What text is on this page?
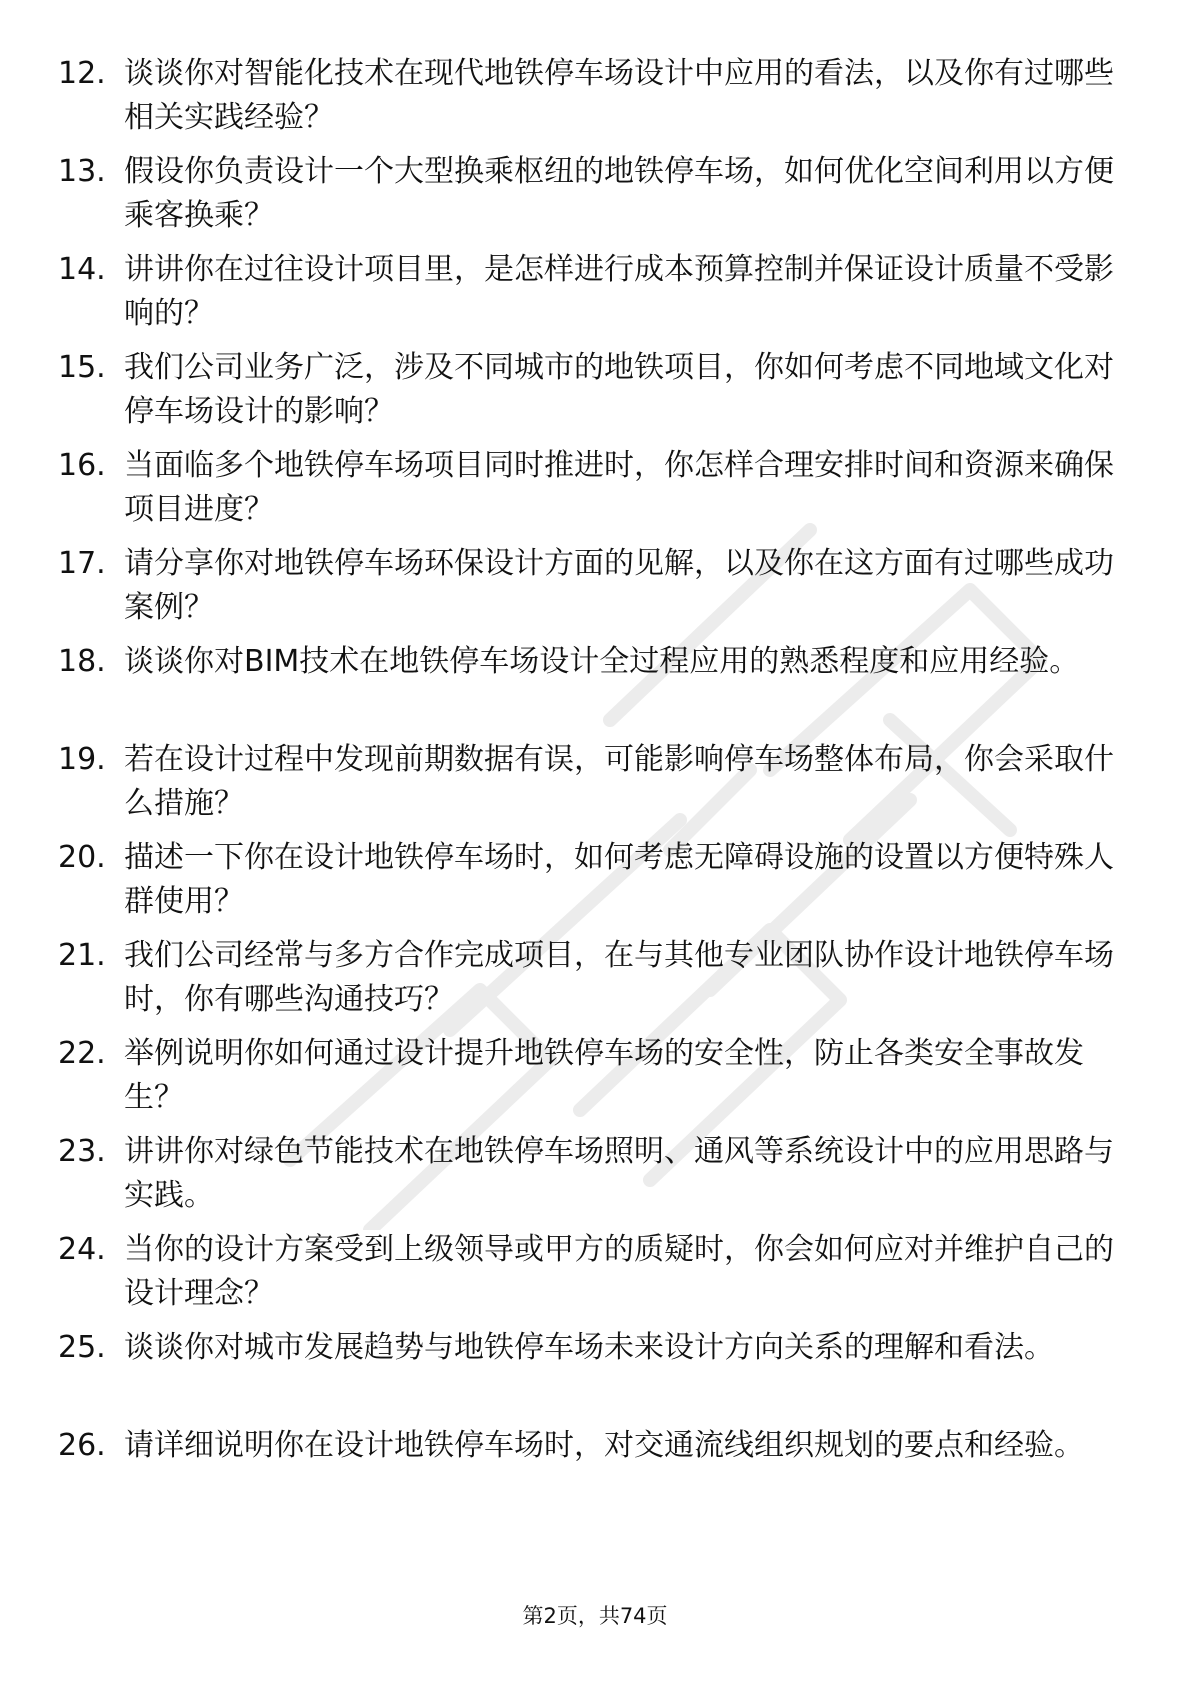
12. 谈谈你对智能化技术在现代地铁停车场设计中应用的看法，以及你有过哪些相关实践经验？
13. 假设你负责设计一个大型换乘枢纽的地铁停车场，如何优化空间利用以方便乘客换乘？
14. 讲讲你在过往设计项目里，是怎样进行成本预算控制并保证设计质量不受影响的？
15. 我们公司业务广泛，涉及不同城市的地铁项目，你如何考虑不同地域文化对停车场设计的影响？
16. 当面临多个地铁停车场项目同时推进时，你怎样合理安排时间和资源来确保项目进度？
17. 请分享你对地铁停车场环保设计方面的见解，以及你在这方面有过哪些成功案例？
18. 谈谈你对BIM技术在地铁停车场设计全过程应用的熟悉程度和应用经验。
19. 若在设计过程中发现前期数据有误，可能影响停车场整体布局，你会采取什么措施？
20. 描述一下你在设计地铁停车场时，如何考虑无障碍设施的设置以方便特殊人群使用？
21. 我们公司经常与多方合作完成项目，在与其他专业团队协作设计地铁停车场时，你有哪些沟通技巧？
22. 举例说明你如何通过设计提升地铁停车场的安全性，防止各类安全事故发生？
23. 讲讲你对绿色节能技术在地铁停车场照明、通风等系统设计中的应用思路与实践。
24. 当你的设计方案受到上级领导或甲方的质疑时，你会如何应对并维护自己的设计理念？
25. 谈谈你对城市发展趋势与地铁停车场未来设计方向关系的理解和看法。
26. 请详细说明你在设计地铁停车场时，对交通流线组织规划的要点和经验。
第2页，共74页
